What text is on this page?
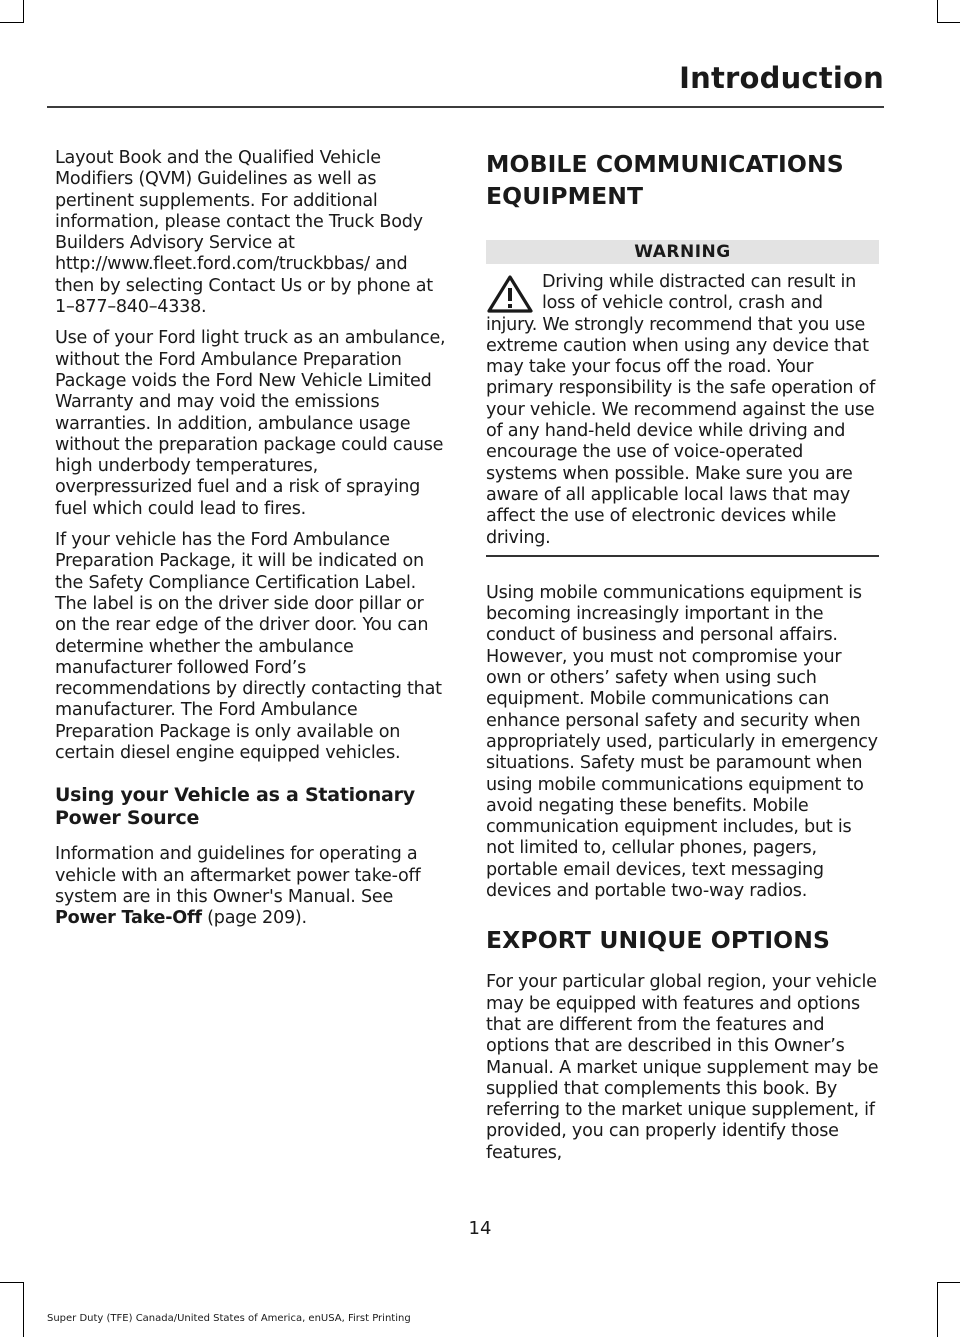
Introduction

Layout Book and the Qualified Vehicle Modifiers (QVM) Guidelines as well as pertinent supplements. For additional information, please contact the Truck Body Builders Advisory Service at http://www.fleet.ford.com/truckbbas/ and then by selecting Contact Us or by phone at 1–877–840–4338.

Use of your Ford light truck as an ambulance, without the Ford Ambulance Preparation Package voids the Ford New Vehicle Limited Warranty and may void the emissions warranties. In addition, ambulance usage without the preparation package could cause high underbody temperatures, overpressurized fuel and a risk of spraying fuel which could lead to fires.

If your vehicle has the Ford Ambulance Preparation Package, it will be indicated on the Safety Compliance Certification Label. The label is on the driver side door pillar or on the rear edge of the driver door. You can determine whether the ambulance manufacturer followed Ford’s recommendations by directly contacting that manufacturer. The Ford Ambulance Preparation Package is only available on certain diesel engine equipped vehicles.

Using your Vehicle as a Stationary Power Source

Information and guidelines for operating a vehicle with an aftermarket power take-off system are in this Owner's Manual. See Power Take-Off (page 209).

MOBILE COMMUNICATIONS EQUIPMENT
WARNING
Driving while distracted can result in loss of vehicle control, crash and injury. We strongly recommend that you use extreme caution when using any device that may take your focus off the road. Your primary responsibility is the safe operation of your vehicle. We recommend against the use of any hand-held device while driving and encourage the use of voice-operated systems when possible. Make sure you are aware of all applicable local laws that may affect the use of electronic devices while driving.

Using mobile communications equipment is becoming increasingly important in the conduct of business and personal affairs. However, you must not compromise your own or others’ safety when using such equipment. Mobile communications can enhance personal safety and security when appropriately used, particularly in emergency situations. Safety must be paramount when using mobile communications equipment to avoid negating these benefits. Mobile communication equipment includes, but is not limited to, cellular phones, pagers, portable email devices, text messaging devices and portable two-way radios.

EXPORT UNIQUE OPTIONS

For your particular global region, your vehicle may be equipped with features and options that are different from the features and options that are described in this Owner’s Manual. A market unique supplement may be supplied that complements this book. By referring to the market unique supplement, if provided, you can properly identify those features,

14
Super Duty (TFE) Canada/United States of America, enUSA, First Printing
